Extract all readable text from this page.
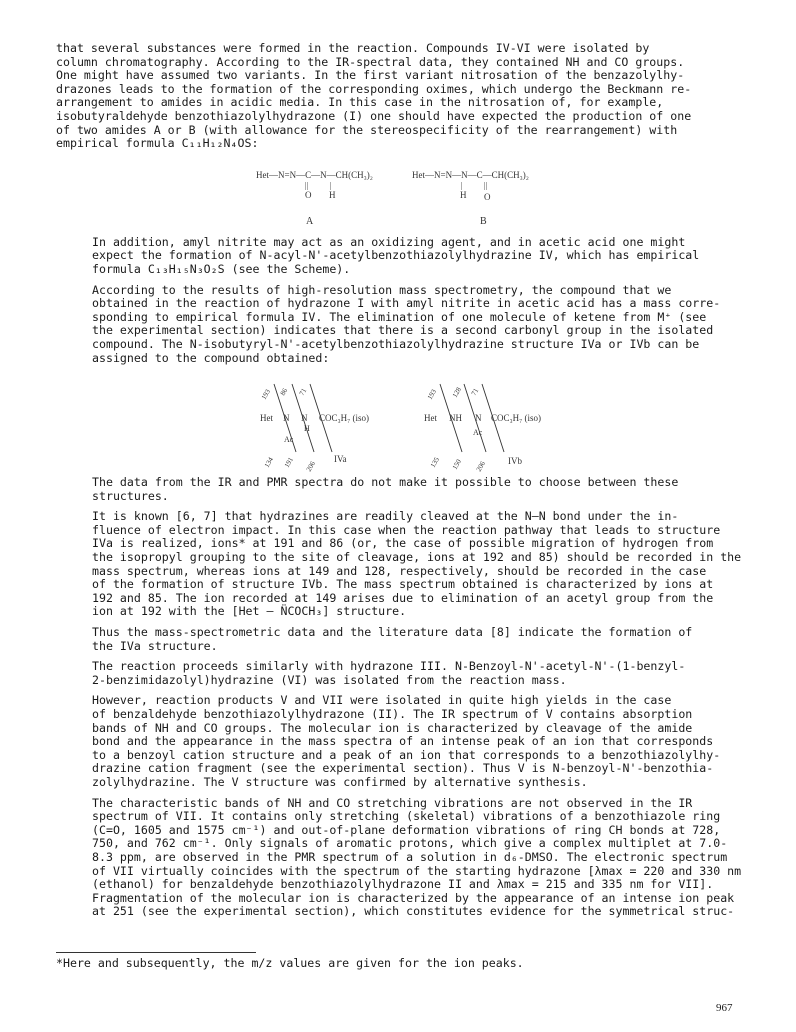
that several substances were formed in the reaction. Compounds IV-VI were isolated by
column chromatography. According to the IR-spectral data, they contained NH and CO groups.
One might have assumed two variants. In the first variant nitrosation of the benzazolylhy-
drazones leads to the formation of the corresponding oximes, which undergo the Beckmann re-
arrangement to amides in acidic media. In this case in the nitrosation of, for example,
isobutyraldehyde benzothiazolylhydrazone (I) one should have expected the production of one
of two amides A or B (with allowance for the stereospecificity of the rearrangement) with
empirical formula C₁₁H₁₂N₄OS:

Het—N=N—C—N—CH(CH₃)₂
||	|
O H
A
Het—N=N—N—C—CH(CH₃)₂
|	||
H O
B

In addition, amyl nitrite may act as an oxidizing agent, and in acetic acid one might
expect the formation of N-acyl-N'-acetylbenzothiazolylhydrazine IV, which has empirical
formula C₁₃H₁₅N₃O₂S (see the Scheme).

According to the results of high-resolution mass spectrometry, the compound that we
obtained in the reaction of hydrazone I with amyl nitrite in acetic acid has a mass corre-
sponding to empirical formula IV. The elimination of one molecule of ketene from M⁺ (see
the experimental section) indicates that there is a second carbonyl group in the isolated
compound. The N-isobutyryl-N'-acetylbenzothiazolylhydrazine structure IVa or IVb can be
assigned to the compound obtained:

Het N N COC₃H₇ (iso)
H
Ac
193 86 71
134 191 206
IVa
Het NH N COC₃H₇ (iso)
Ac
193 128 71
135 150 206 IVb

The data from the IR and PMR spectra do not make it possible to choose between these
structures.

It is known [6, 7] that hydrazines are readily cleaved at the N—N bond under the in-
fluence of electron impact. In this case when the reaction pathway that leads to structure
IVa is realized, ions* at 191 and 86 (or, the case of possible migration of hydrogen from
the isopropyl grouping to the site of cleavage, ions at 192 and 85) should be recorded in the
mass spectrum, whereas ions at 149 and 128, respectively, should be recorded in the case
of the formation of structure IVb. The mass spectrum obtained is characterized by ions at
192 and 85. The ion recorded at 149 arises due to elimination of an acetyl group from the
ion at 192 with the [Het — N̈COCH₃] structure.

Thus the mass-spectrometric data and the literature data [8] indicate the formation of
the IVa structure.

The reaction proceeds similarly with hydrazone III. N-Benzoyl-N'-acetyl-N'-(1-benzyl-
2-benzimidazolyl)hydrazine (VI) was isolated from the reaction mass.

However, reaction products V and VII were isolated in quite high yields in the case
of benzaldehyde benzothiazolylhydrazone (II). The IR spectrum of V contains absorption
bands of NH and CO groups. The molecular ion is characterized by cleavage of the amide
bond and the appearance in the mass spectra of an intense peak of an ion that corresponds
to a benzoyl cation structure and a peak of an ion that corresponds to a benzothiazolylhy-
drazine cation fragment (see the experimental section). Thus V is N-benzoyl-N'-benzothia-
zolylhydrazine. The V structure was confirmed by alternative synthesis.

The characteristic bands of NH and CO stretching vibrations are not observed in the IR
spectrum of VII. It contains only stretching (skeletal) vibrations of a benzothiazole ring
(C=O, 1605 and 1575 cm⁻¹) and out-of-plane deformation vibrations of ring CH bonds at 728,
750, and 762 cm⁻¹. Only signals of aromatic protons, which give a complex multiplet at 7.0-
8.3 ppm, are observed in the PMR spectrum of a solution in d₆-DMSO. The electronic spectrum
of VII virtually coincides with the spectrum of the starting hydrazone [λmax = 220 and 330 nm
(ethanol) for benzaldehyde benzothiazolylhydrazone II and λmax = 215 and 335 nm for VII].
Fragmentation of the molecular ion is characterized by the appearance of an intense ion peak
at 251 (see the experimental section), which constitutes evidence for the symmetrical struc-

*Here and subsequently, the m/z values are given for the ion peaks.
967
